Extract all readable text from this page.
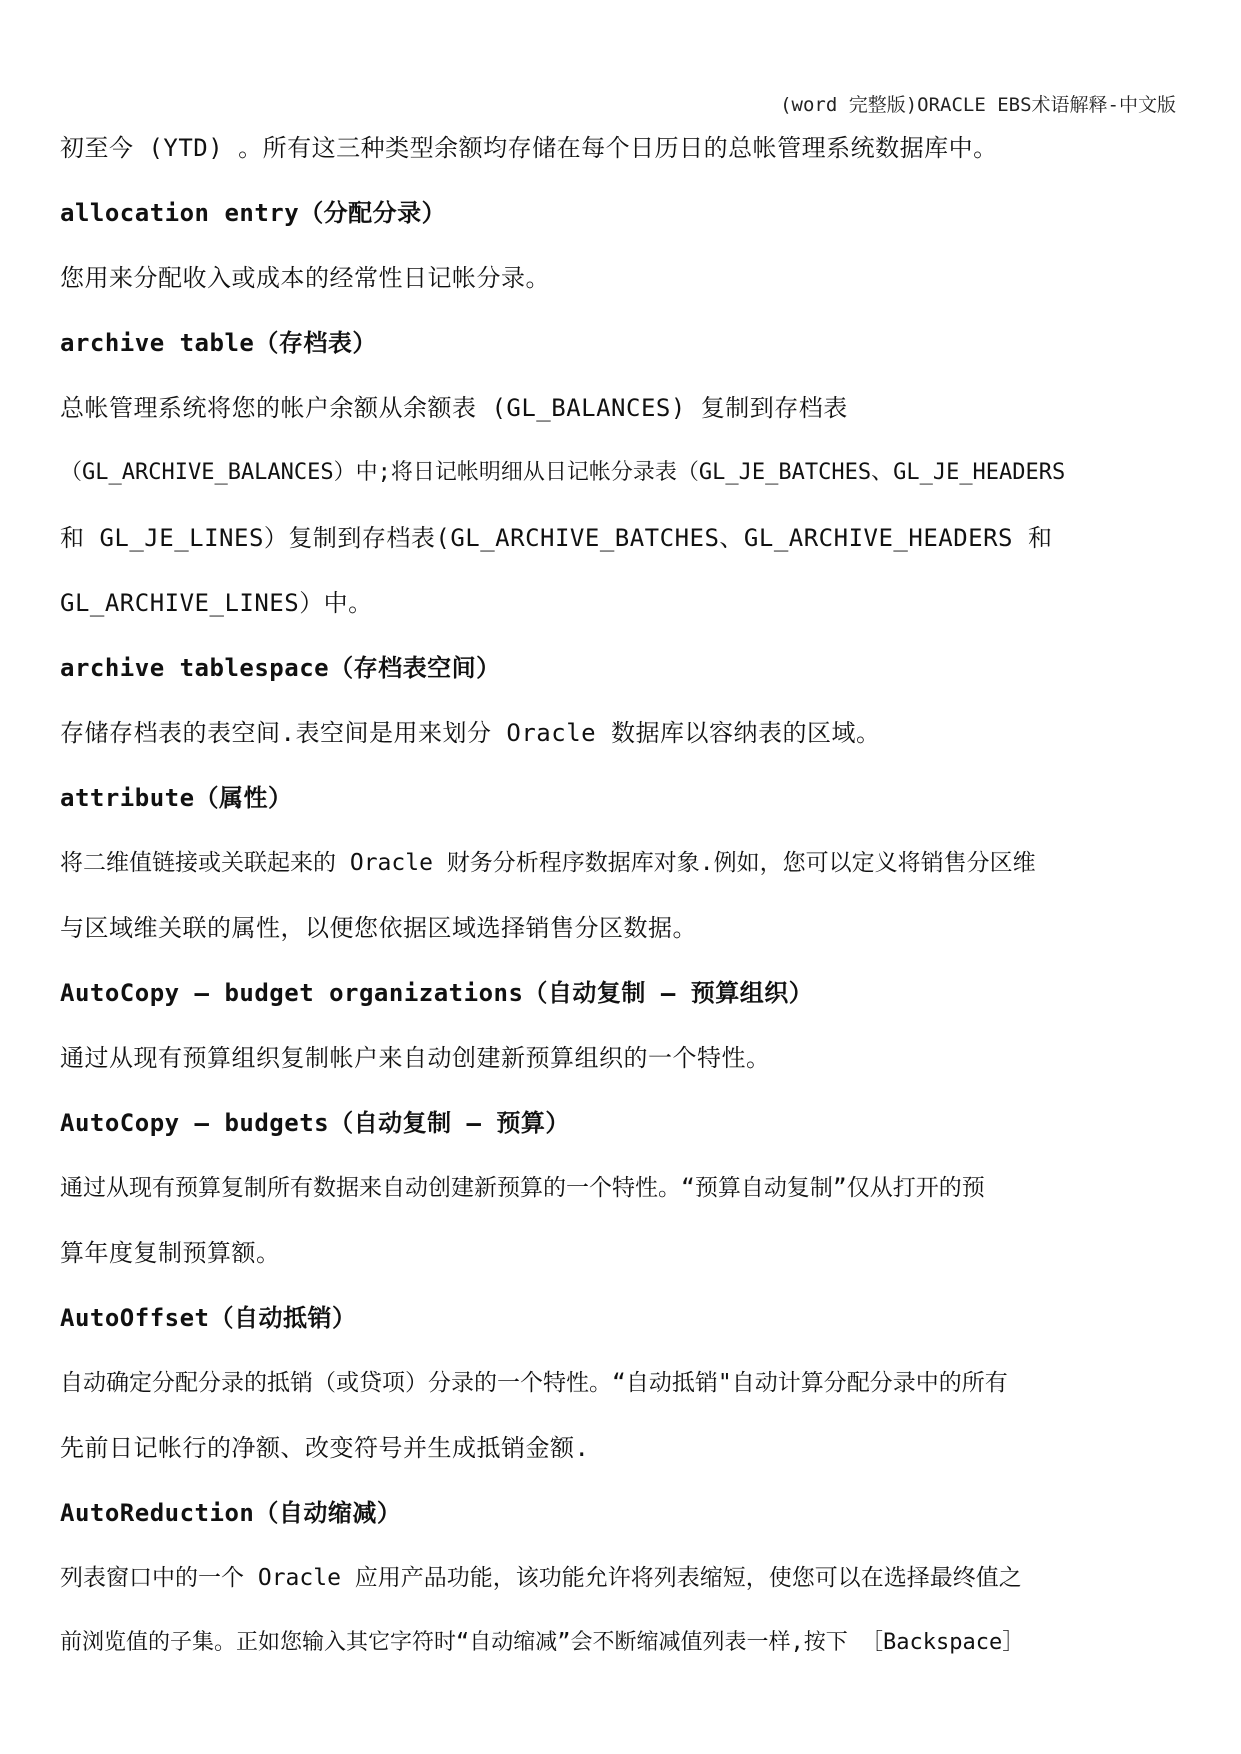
(word 完整版)ORACLE EBS术语解释-中文版
初至今 (YTD) 。所有这三种类型余额均存储在每个日历日的总帐管理系统数据库中。
allocation entry（分配分录）
您用来分配收入或成本的经常性日记帐分录。
archive table（存档表）
总帐管理系统将您的帐户余额从余额表 (GL_BALANCES) 复制到存档表
（GL_ARCHIVE_BALANCES）中;将日记帐明细从日记帐分录表（GL_JE_BATCHES、GL_JE_HEADERS
和 GL_JE_LINES）复制到存档表(GL_ARCHIVE_BATCHES、GL_ARCHIVE_HEADERS 和
GL_ARCHIVE_LINES）中。
archive tablespace（存档表空间）
存储存档表的表空间.表空间是用来划分 Oracle 数据库以容纳表的区域。
attribute（属性）
将二维值链接或关联起来的 Oracle 财务分析程序数据库对象.例如，您可以定义将销售分区维
与区域维关联的属性，以便您依据区域选择销售分区数据。
AutoCopy – budget organizations（自动复制 – 预算组织）
通过从现有预算组织复制帐户来自动创建新预算组织的一个特性。
AutoCopy – budgets（自动复制 – 预算）
通过从现有预算复制所有数据来自动创建新预算的一个特性。“预算自动复制”仅从打开的预
算年度复制预算额。
AutoOffset（自动抵销）
自动确定分配分录的抵销（或贷项）分录的一个特性。“自动抵销"自动计算分配分录中的所有
先前日记帐行的净额、改变符号并生成抵销金额.
AutoReduction（自动缩减）
列表窗口中的一个 Oracle 应用产品功能，该功能允许将列表缩短，使您可以在选择最终值之
前浏览值的子集。正如您输入其它字符时“自动缩减”会不断缩减值列表一样,按下 ［Backspace］
